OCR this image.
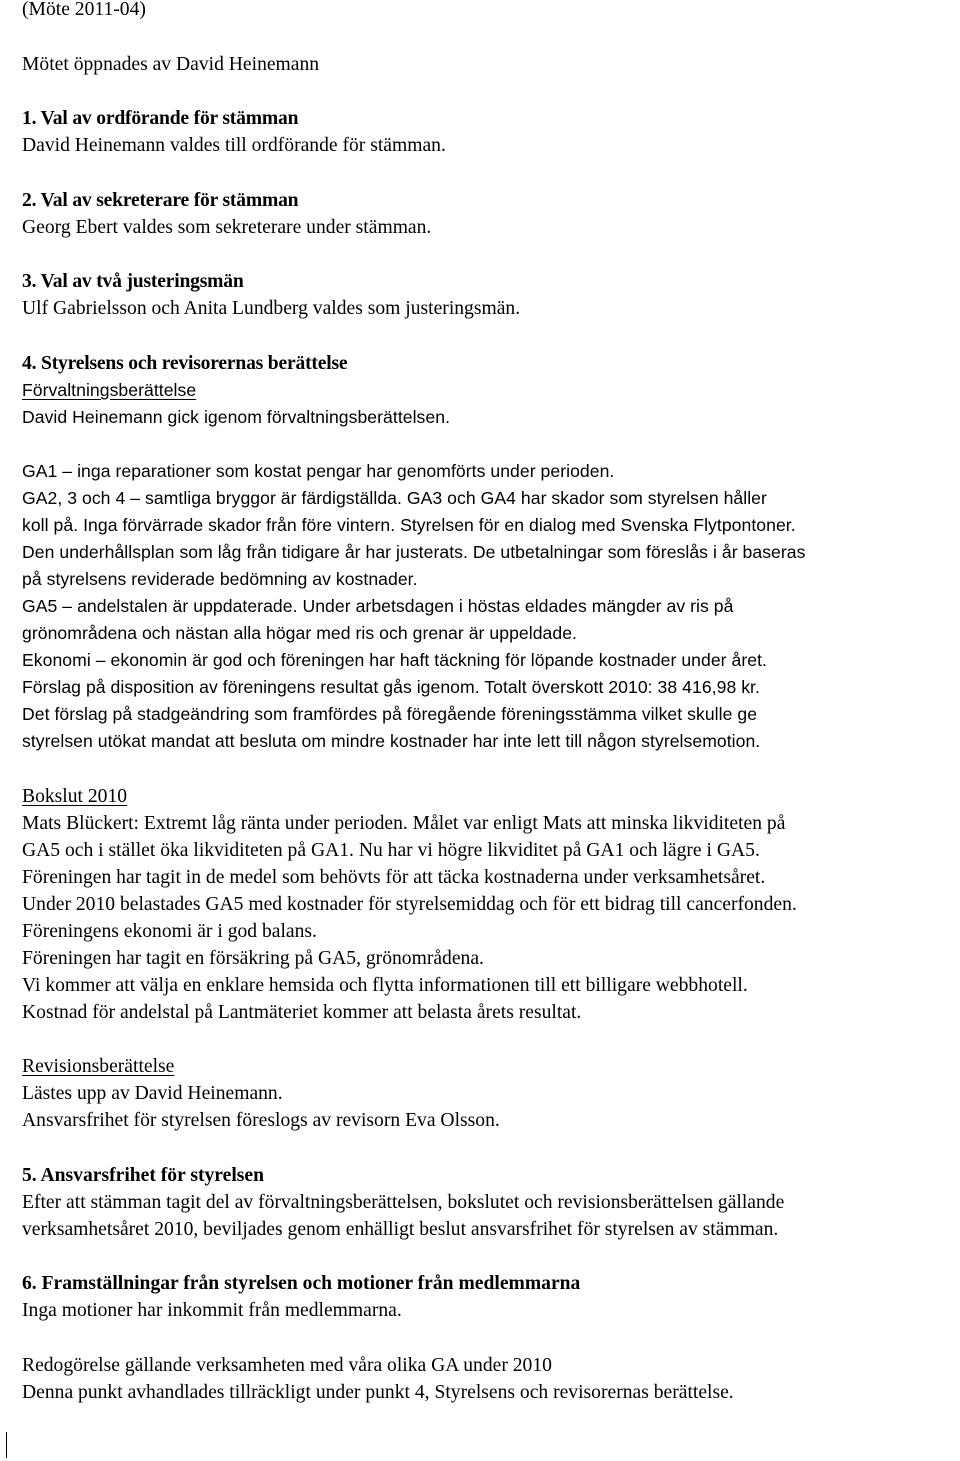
(Möte 2011-04)
Mötet öppnades av David Heinemann
1. Val av ordförande för stämman
David Heinemann valdes till ordförande för stämman.
2. Val av sekreterare för stämman
Georg Ebert valdes som sekreterare under stämman.
3. Val av två justeringsmän
Ulf Gabrielsson och Anita Lundberg valdes som justeringsmän.
4. Styrelsens och revisorernas berättelse
Förvaltningsberättelse
David Heinemann gick igenom förvaltningsberättelsen.
GA1 – inga reparationer som kostat pengar har genomförts under perioden.
GA2, 3 och 4 – samtliga bryggor är färdigställda. GA3 och GA4 har skador som styrelsen håller
koll på. Inga förvärrade skador från före vintern. Styrelsen för en dialog med Svenska Flytpontoner.
Den underhållsplan som låg från tidigare år har justerats. De utbetalningar som föreslås i år baseras
på styrelsens reviderade bedömning av kostnader.
GA5 – andelstalen är uppdaterade. Under arbetsdagen i höstas eldades mängder av ris på
grönområdena och nästan alla högar med ris och grenar är uppeldade.
Ekonomi – ekonomin är god och föreningen har haft täckning för löpande kostnader under året.
Förslag på disposition av föreningens resultat gås igenom. Totalt överskott 2010: 38 416,98 kr.
Det förslag på stadgeändring som framfördes på föregående föreningsstämma vilket skulle ge
styrelsen utökat mandat att besluta om mindre kostnader har inte lett till någon styrelsemotion.
Bokslut 2010
Mats Blückert: Extremt låg ränta under perioden. Målet var enligt Mats att minska likviditeten på
GA5 och i stället öka likviditeten på GA1. Nu har vi högre likviditet på GA1 och lägre i GA5.
Föreningen har tagit in de medel som behövts för att täcka kostnaderna under verksamhetsåret.
Under 2010 belastades GA5 med kostnader för styrelsemiddag och för ett bidrag till cancerfonden.
Föreningens ekonomi är i god balans.
Föreningen har tagit en försäkring på GA5, grönområdena.
Vi kommer att välja en enklare hemsida och flytta informationen till ett billigare webbhotell.
Kostnad för andelstal på Lantmäteriet kommer att belasta årets resultat.
Revisionsberättelse
Lästes upp av David Heinemann.
Ansvarsfrihet för styrelsen föreslogs av revisorn Eva Olsson.
5. Ansvarsfrihet för styrelsen
Efter att stämman tagit del av förvaltningsberättelsen, bokslutet och revisionsberättelsen gällande
verksamhetsåret 2010, beviljades genom enhälligt beslut ansvarsfrihet för styrelsen av stämman.
6. Framställningar från styrelsen och motioner från medlemmarna
Inga motioner har inkommit från medlemmarna.
Redogörelse gällande verksamheten med våra olika GA under 2010
Denna punkt avhandlades tillräckligt under punkt 4, Styrelsens och revisorernas berättelse.
